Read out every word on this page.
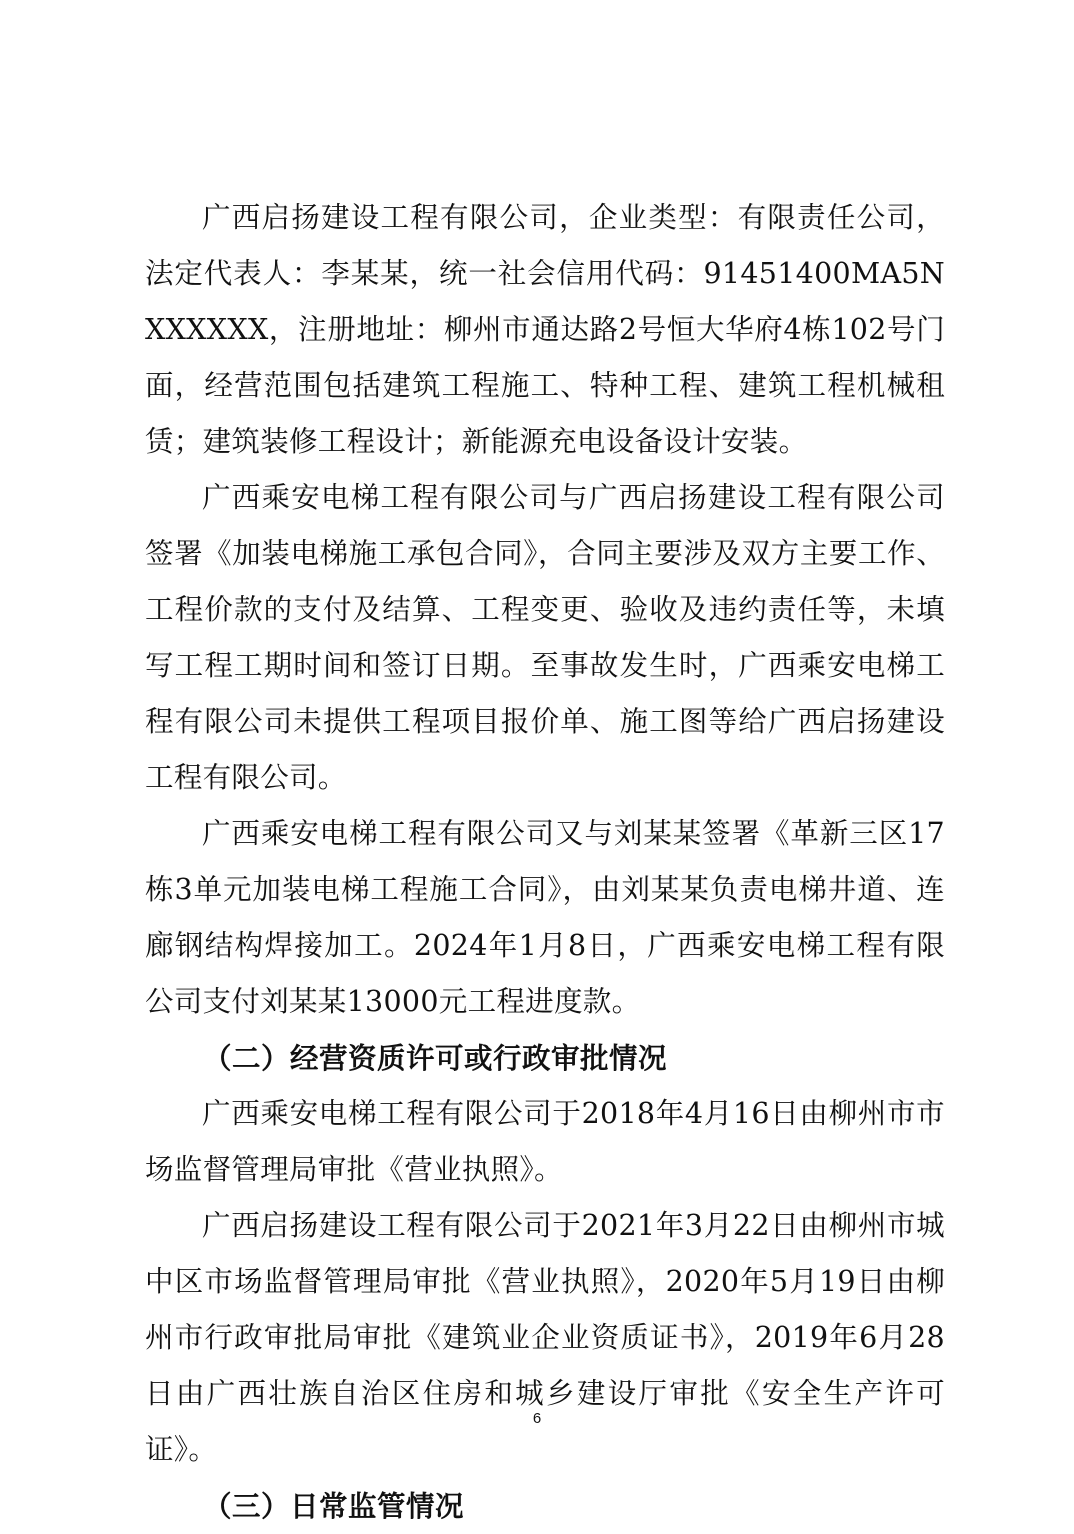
广西启扬建设工程有限公司，企业类型：有限责任公司，法定代表人：李某某，统一社会信用代码：91451400MA5NXXXXXX，注册地址：柳州市通达路2号恒大华府4栋102号门面，经营范围包括建筑工程施工、特种工程、建筑工程机械租赁；建筑装修工程设计；新能源充电设备设计安装。

广西乘安电梯工程有限公司与广西启扬建设工程有限公司签署《加装电梯施工承包合同》，合同主要涉及双方主要工作、工程价款的支付及结算、工程变更、验收及违约责任等，未填写工程工期时间和签订日期。至事故发生时，广西乘安电梯工程有限公司未提供工程项目报价单、施工图等给广西启扬建设工程有限公司。

广西乘安电梯工程有限公司又与刘某某签署《革新三区17栋3单元加装电梯工程施工合同》，由刘某某负责电梯井道、连廊钢结构焊接加工。2024年1月8日，广西乘安电梯工程有限公司支付刘某某13000元工程进度款。

（二）经营资质许可或行政审批情况

广西乘安电梯工程有限公司于2018年4月16日由柳州市市场监督管理局审批《营业执照》。

广西启扬建设工程有限公司于2021年3月22日由柳州市城中区市场监督管理局审批《营业执照》，2020年5月19日由柳州市行政审批局审批《建筑业企业资质证书》，2019年6月28日由广西壮族自治区住房和城乡建设厅审批《安全生产许可证》。

（三）日常监管情况

6
